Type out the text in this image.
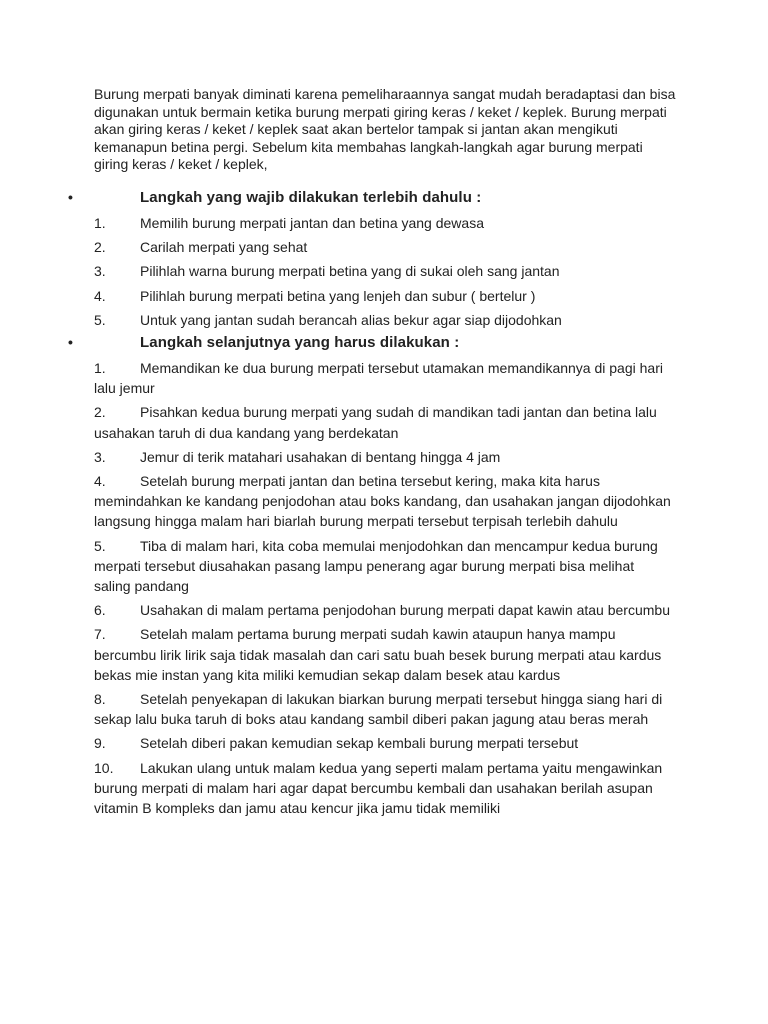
Burung merpati banyak diminati karena pemeliharaannya sangat mudah beradaptasi dan bisa digunakan untuk bermain ketika burung merpati giring keras / keket / keplek. Burung merpati akan giring keras / keket / keplek saat akan bertelor tampak si jantan akan mengikuti kemanapun betina pergi. Sebelum kita membahas langkah-langkah agar burung merpati giring keras / keket / keplek,

•	Langkah yang wajib dilakukan terlebih dahulu :
1. Memilih burung merpati jantan dan betina yang dewasa
2. Carilah merpati yang sehat
3. Pilihlah warna burung merpati betina yang di sukai oleh sang jantan
4. Pilihlah burung merpati betina yang lenjeh dan subur ( bertelur )
5. Untuk yang jantan sudah berancah alias bekur agar siap dijodohkan
•	Langkah selanjutnya yang harus dilakukan :
1. Memandikan ke dua burung merpati tersebut utamakan memandikannya di pagi hari lalu jemur
2. Pisahkan kedua burung merpati yang sudah di mandikan tadi jantan dan betina lalu usahakan taruh di dua kandang yang berdekatan
3. Jemur di terik matahari usahakan di bentang hingga 4 jam
4. Setelah burung merpati jantan dan betina tersebut kering, maka kita harus memindahkan ke kandang penjodohan atau boks kandang, dan usahakan jangan dijodohkan langsung hingga malam hari biarlah burung merpati tersebut terpisah terlebih dahulu
5. Tiba di malam hari, kita coba memulai menjodohkan dan mencampur kedua burung merpati tersebut diusahakan pasang lampu penerang agar burung merpati bisa melihat saling pandang
6. Usahakan di malam pertama penjodohan burung merpati dapat kawin atau bercumbu
7. Setelah malam pertama burung merpati sudah kawin ataupun hanya mampu bercumbu lirik lirik saja tidak masalah dan cari satu buah besek burung merpati atau kardus bekas mie instan yang kita miliki kemudian sekap dalam besek atau kardus
8. Setelah penyekapan di lakukan biarkan burung merpati tersebut hingga siang hari di sekap lalu buka taruh di boks atau kandang sambil diberi pakan jagung atau beras merah
9. Setelah diberi pakan kemudian sekap kembali burung merpati tersebut
10. Lakukan ulang untuk malam kedua yang seperti malam pertama yaitu mengawinkan burung merpati di malam hari agar dapat bercumbu kembali dan usahakan berilah asupan vitamin B kompleks dan jamu atau kencur jika jamu tidak memiliki
